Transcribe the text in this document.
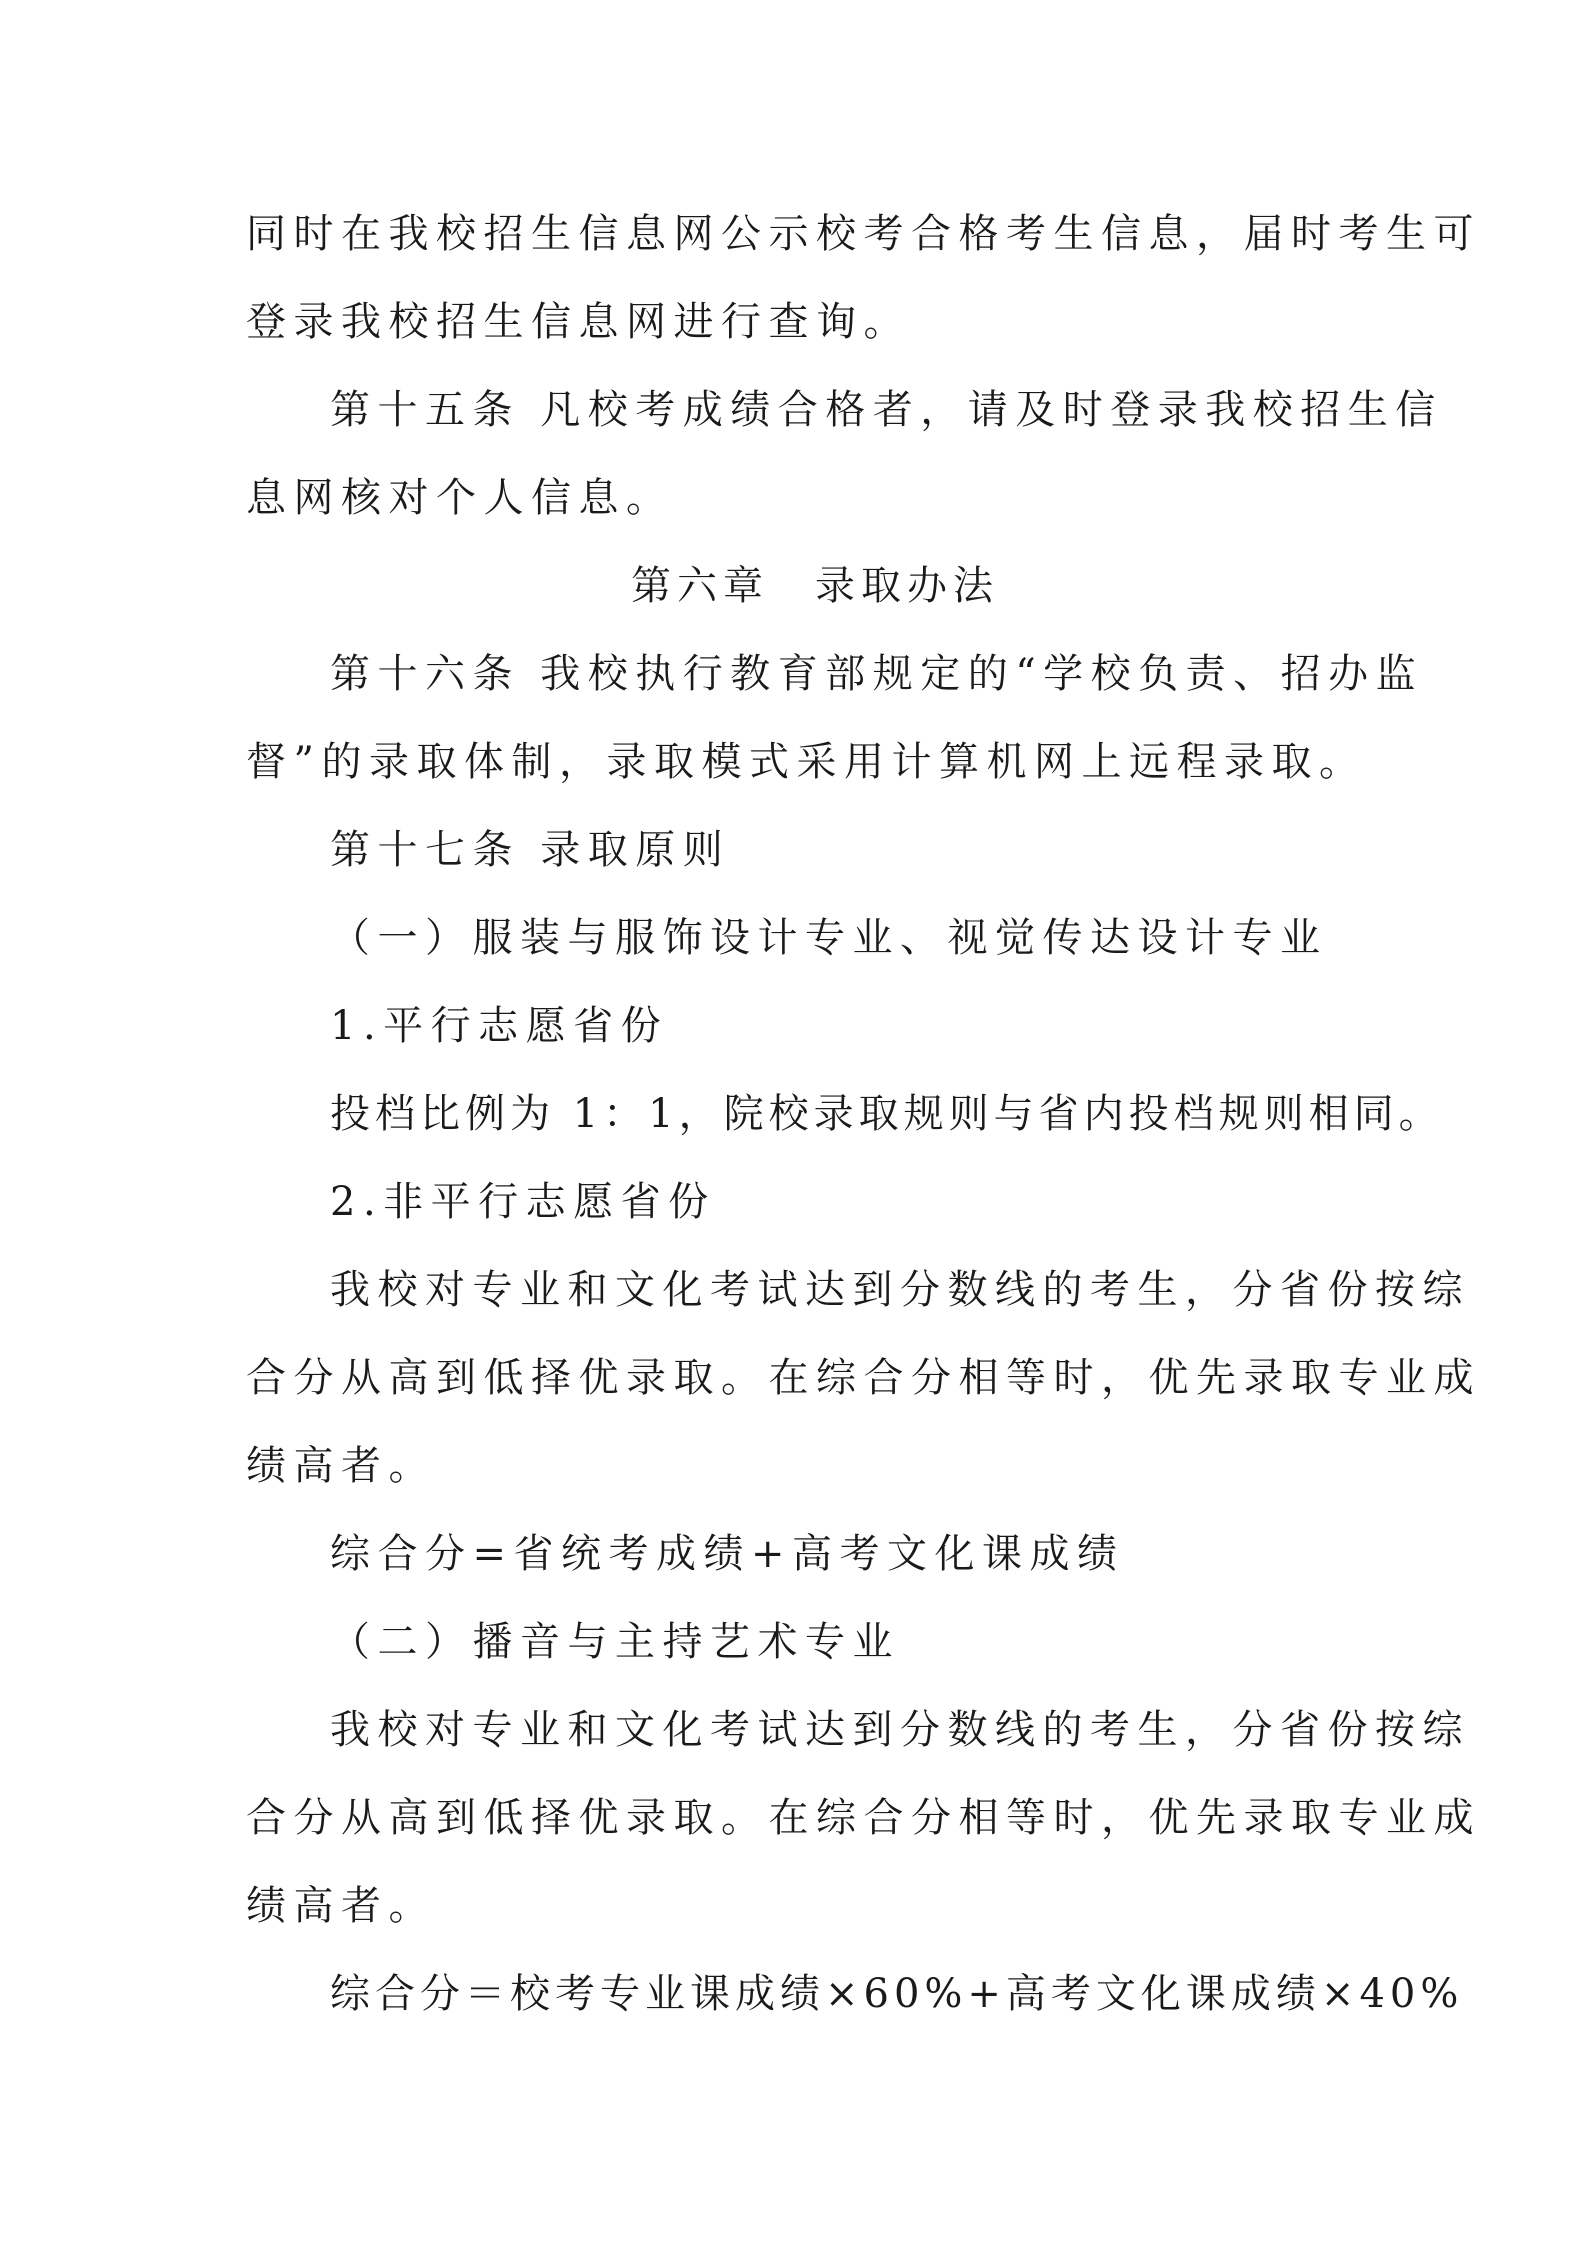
同时在我校招生信息网公示校考合格考生信息，届时考生可
登录我校招生信息网进行查询。
第十五条 凡校考成绩合格者，请及时登录我校招生信
息网核对个人信息。
第六章　录取办法
第十六条 我校执行教育部规定的“学校负责、招办监
督”的录取体制，录取模式采用计算机网上远程录取。
第十七条 录取原则
（一）服装与服饰设计专业、视觉传达设计专业
1.平行志愿省份
投档比例为 1：1，院校录取规则与省内投档规则相同。
2.非平行志愿省份
我校对专业和文化考试达到分数线的考生，分省份按综
合分从高到低择优录取。在综合分相等时，优先录取专业成
绩高者。
综合分=省统考成绩+高考文化课成绩
（二）播音与主持艺术专业
我校对专业和文化考试达到分数线的考生，分省份按综
合分从高到低择优录取。在综合分相等时，优先录取专业成
绩高者。
综合分＝校考专业课成绩×60%+高考文化课成绩×40%
